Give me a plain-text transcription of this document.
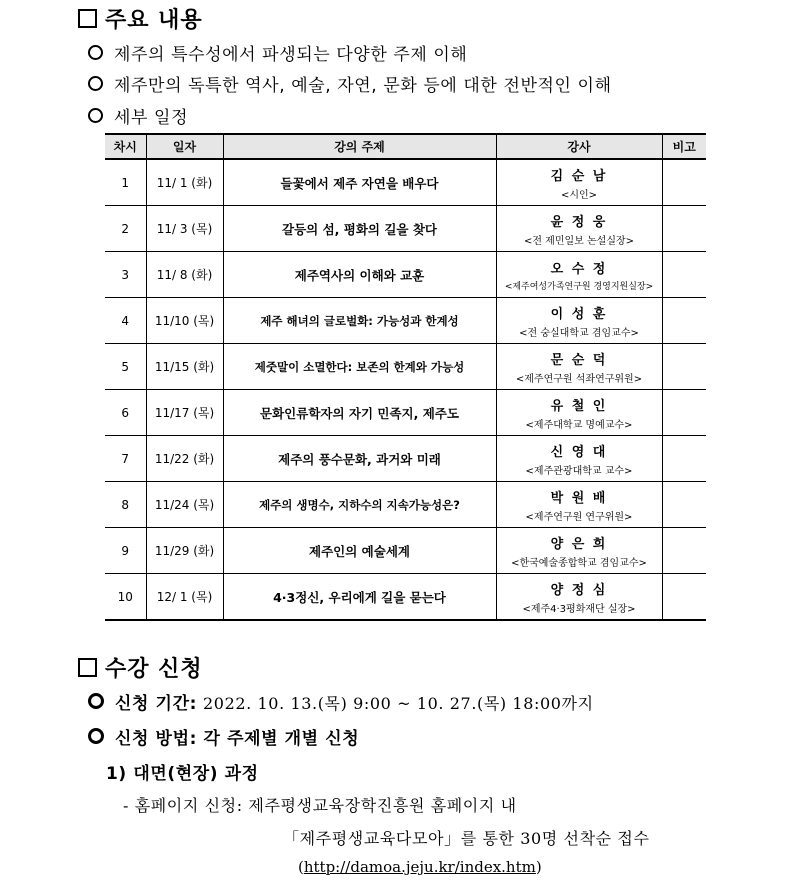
주요 내용
제주의 특수성에서 파생되는 다양한 주제 이해
제주만의 독특한 역사, 예술, 자연, 문화 등에 대한 전반적인 이해
세부 일정
차시	일자	강의 주제	강사	비고
1	11/ 1 (화)	들꽃에서 제주 자연을 배우다	김 순 남
<시인>	

2	11/ 3 (목)	갈등의 섬, 평화의 길을 찾다	윤 정 웅
<전 제민일보 논설실장>	

3	11/ 8 (화)	제주역사의 이해와 교훈	오 수 정
<제주여성가족연구원 경영지원실장>	

4	11/10 (목)	제주 해녀의 글로벌화: 가능성과 한계성	이 성 훈
<전 숭실대학교 겸임교수>	

5	11/15 (화)	제줏말이 소멸한다: 보존의 한계와 가능성	문 순 덕
<제주연구원 석좌연구위원>	

6	11/17 (목)	문화인류학자의 자기 민족지, 제주도	유 철 인
<제주대학교 명예교수>	

7	11/22 (화)	제주의 풍수문화, 과거와 미래	신 영 대
<제주관광대학교 교수>	

8	11/24 (목)	제주의 생명수, 지하수의 지속가능성은?	박 원 배
<제주연구원 연구위원>	

9	11/29 (화)	제주인의 예술세계	양 은 희
<한국예술종합학교 겸임교수>	

10	12/ 1 (목)	4·3정신, 우리에게 길을 묻는다	양 정 심
<제주4·3평화재단 실장>	

수강 신청
신청 기간: 2022. 10. 13.(목) 9:00 ~ 10. 27.(목) 18:00까지
신청 방법: 각 주제별 개별 신청
1) 대면(현장) 과정
- 홈페이지 신청: 제주평생교육장학진흥원 홈페이지 내
「제주평생교육다모아」를 통한 30명 선착순 접수
(http://damoa.jeju.kr/index.htm)
